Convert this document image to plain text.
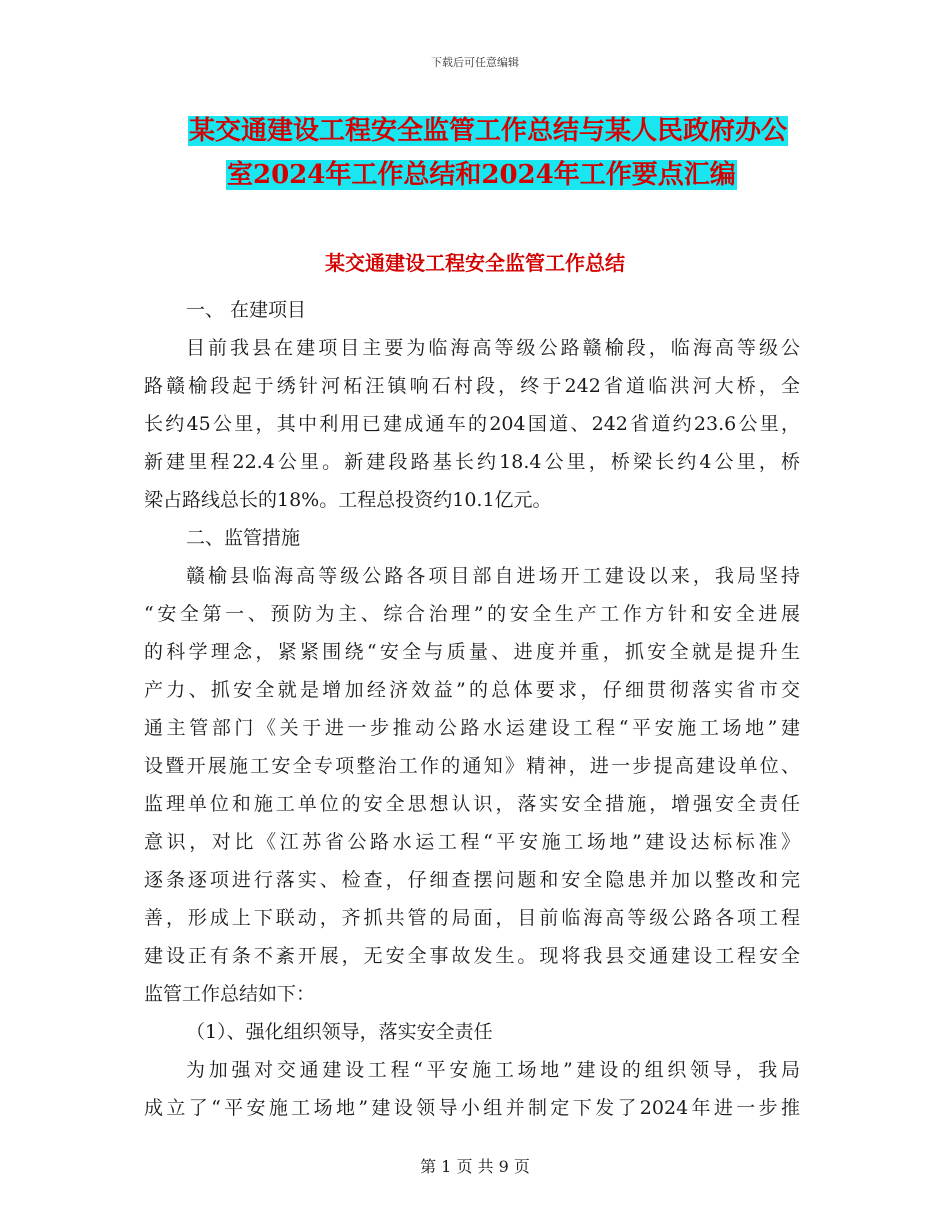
下载后可任意编辑
某交通建设工程安全监管工作总结与某人民政府办公
室2024年工作总结和2024年工作要点汇编
某交通建设工程安全监管工作总结
一、 在建项目
目前我县在建项目主要为临海高等级公路赣榆段，临海高等级公
路赣榆段起于绣针河柘汪镇响石村段，终于242省道临洪河大桥，全
长约45公里，其中利用已建成通车的204国道、242省道约23.6公里，
新建里程22.4公里。新建段路基长约18.4公里，桥梁长约4公里，桥
梁占路线总长的18%。工程总投资约10.1亿元。
二、监管措施
赣榆县临海高等级公路各项目部自进场开工建设以来，我局坚持
“安全第一、预防为主、综合治理”的安全生产工作方针和安全进展
的科学理念，紧紧围绕“安全与质量、进度并重，抓安全就是提升生
产力、抓安全就是增加经济效益”的总体要求，仔细贯彻落实省市交
通主管部门《关于进一步推动公路水运建设工程“平安施工场地”建
设暨开展施工安全专项整治工作的通知》精神，进一步提高建设单位、
监理单位和施工单位的安全思想认识，落实安全措施，增强安全责任
意识，对比《江苏省公路水运工程“平安施工场地”建设达标标准》
逐条逐项进行落实、检查，仔细查摆问题和安全隐患并加以整改和完
善，形成上下联动，齐抓共管的局面，目前临海高等级公路各项工程
建设正有条不紊开展，无安全事故发生。现将我县交通建设工程安全
监管工作总结如下：
（1）、强化组织领导，落实安全责任
为加强对交通建设工程“平安施工场地”建设的组织领导，我局
成立了“平安施工场地”建设领导小组并制定下发了2024年进一步推
第 1 页 共 9 页
